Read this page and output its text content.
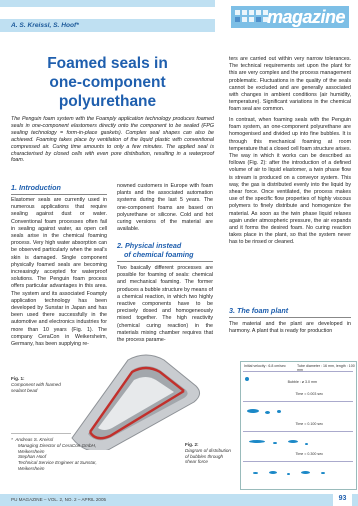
magazine
A. S. Kreissl, S. Hoof*
Foamed seals in
one-component polyurethane
The Penguin foam system with the Foamply application technology produces foamed seals in one-component elastomers directly onto the component to be sealed (FPG sealing technology = form-in-place gaskets). Complex seal shapes can also be achieved. Foaming takes place by ventilation of the liquid plastic with conventional compressed air. Curing time amounts to only a few minutes. The applied seal is characterised by closed cells with even pore distribution, resulting in a waterproof foam.
1. Introduction
Elastomer seals are currently used in numerous applications that require sealing against dust or water. Conventional foam processes often fail in sealing against water, as open cell seals arise in the chemical foaming process. Very high water absorption can be observed particularly when the seal's skin is damaged. Single component physically foamed seals are becoming increasingly accepted for waterproof solutions. The Penguin foam process offers particular advantages in this area. The system and its associated Foamply application technology has been developed by Sunstar in Japan and has been used there successfully in the automotive and electronics industries for more than 10 years (Fig. 1). The company CeraCon in Weikersheim, Germany, has been supplying re-
nowned customers in Europe with foam plants and the associated automation systems during the last 5 years. The one-component foams are based on polyurethane or silicone. Cold and hot curing versions of the material are available.
2. Physical instead
of chemical foaming
Two basically different processes are possible for foaming of seals: chemical and mechanical foaming. The former produces a bubble structure by means of a chemical reaction, in which two highly reactive components have to be precisely dosed and homogeneously mixed together. The high reactivity (chemical curing reaction) in the materials mixing chamber requires that the process parame-
ters are carried out within very narrow tolerances. The technical requirements set upon the plant for this are very complex and the process management problematic. Fluctuations in the quality of the seals cannot be excluded and are generally associated with changes in ambient conditions (air humidity, temperature). Significant variations in the chemical foam seal are common.
In contrast, when foaming seals with the Penguin foam system, an one-component polyurethane are homogenised and divided up into fine bubbles. It is through this mechanical foaming at room temperature that a closed cell foam structure arises. The way in which it works can be described as follows (Fig. 2): after the introduction of a defined volume of air to liquid elastomer, a twin phase flow is stream is produced on a conveyor system. This way, the gas is distributed evenly into the liquid by shear force. Once ventilated, the process makes use of the specific flow properties of highly viscous polymers to finely distribute and homogenize the material. As soon as the twin phase liquid relaxes again under atmospheric pressure, the air expands and it forms the desired foam. No curing reaction takes place in the plant, so that the system never has to be rinsed or cleaned.
3. The foam plant
The material and the plant are developed in harmony. A plant that is ready for production
Fig. 1:
Component with foamed sealant bead
* Andreas S. Kreissl
Managing Director of CeraCon GmbH, Weikersheim
Stephan Hoof
Technical Service Engineer at Sunstar, Weikersheim
Fig. 2:
Diagram of distribution of bubbles through shear force
Initial velocity : 6.8 cm/sec	Tube diameter : 16 mm, length : 100 mm
Bubble : ø 3.0 mm
Time = 0.003 sec
Time = 0.100 sec
Time = 0.300 sec
PU MAGAZINE – VOL. 2, NO. 2 – APRIL 2005	93
